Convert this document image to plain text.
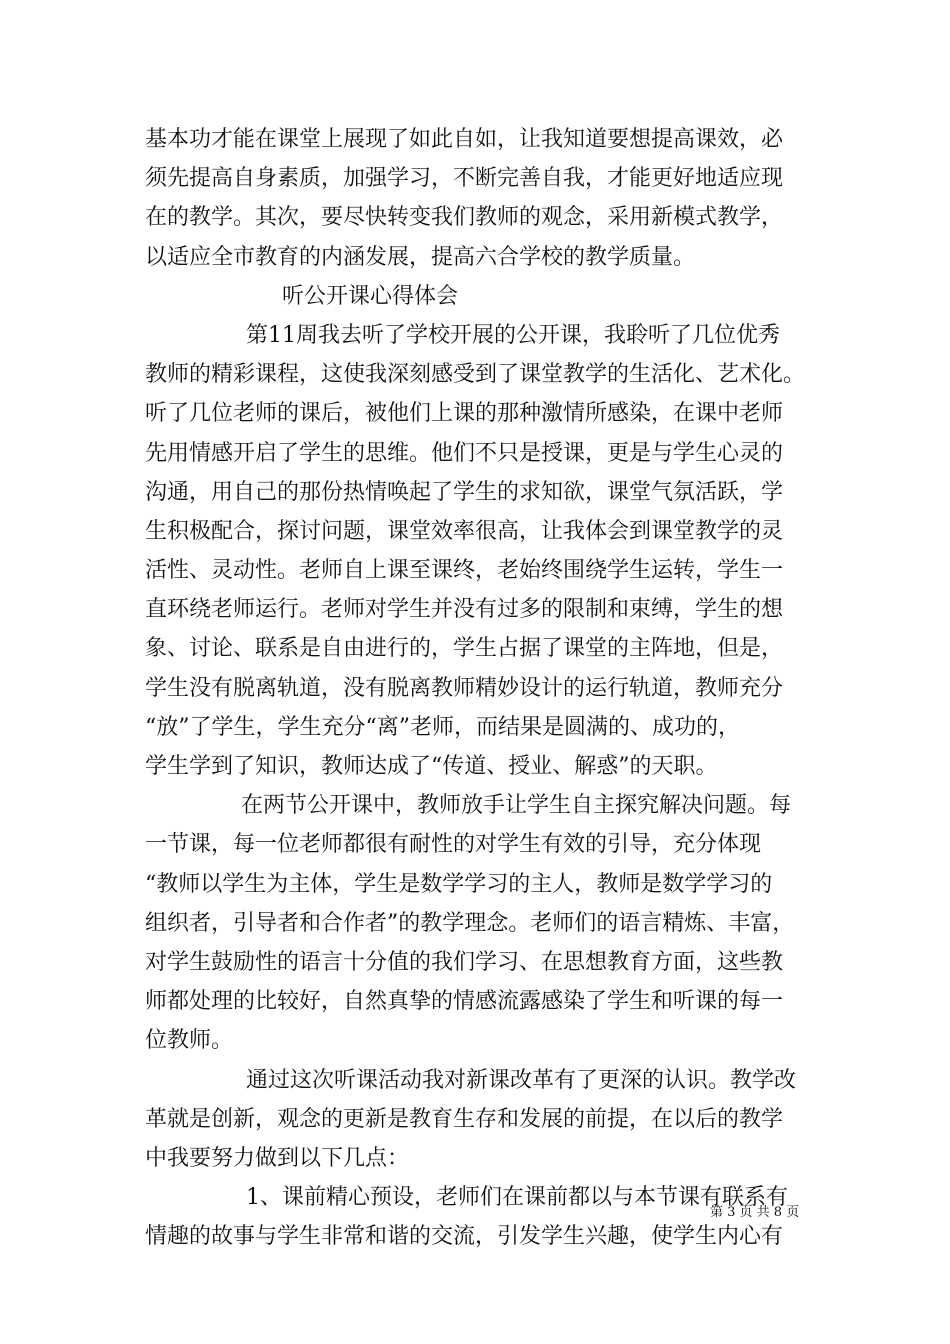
基本功才能在课堂上展现了如此自如，让我知道要想提高课效，必
须先提高自身素质，加强学习，不断完善自我，才能更好地适应现
在的教学。其次，要尽快转变我们教师的观念，采用新模式教学，
以适应全市教育的内涵发展，提高六合学校的教学质量。
听公开课心得体会
第11周我去听了学校开展的公开课，我聆听了几位优秀
教师的精彩课程，这使我深刻感受到了课堂教学的生活化、艺术化。
听了几位老师的课后，被他们上课的那种激情所感染，在课中老师
先用情感开启了学生的思维。他们不只是授课，更是与学生心灵的
沟通，用自己的那份热情唤起了学生的求知欲，课堂气氛活跃，学
生积极配合，探讨问题，课堂效率很高，让我体会到课堂教学的灵
活性、灵动性。老师自上课至课终，老始终围绕学生运转，学生一
直环绕老师运行。老师对学生并没有过多的限制和束缚，学生的想
象、讨论、联系是自由进行的，学生占据了课堂的主阵地，但是，
学生没有脱离轨道，没有脱离教师精妙设计的运行轨道，教师充分
“放”了学生，学生充分“离”老师，而结果是圆满的、成功的，
学生学到了知识，教师达成了“传道、授业、解惑”的天职。
在两节公开课中，教师放手让学生自主探究解决问题。每
一节课，每一位老师都很有耐性的对学生有效的引导，充分体现
“教师以学生为主体，学生是数学学习的主人，教师是数学学习的
组织者，引导者和合作者”的教学理念。老师们的语言精炼、丰富，
对学生鼓励性的语言十分值的我们学习、在思想教育方面，这些教
师都处理的比较好，自然真挚的情感流露感染了学生和听课的每一
位教师。
通过这次听课活动我对新课改革有了更深的认识。教学改
革就是创新，观念的更新是教育生存和发展的前提，在以后的教学
中我要努力做到以下几点：
1、课前精心预设，老师们在课前都以与本节课有联系有
情趣的故事与学生非常和谐的交流，引发学生兴趣，使学生内心有
第 3 页 共 8 页
